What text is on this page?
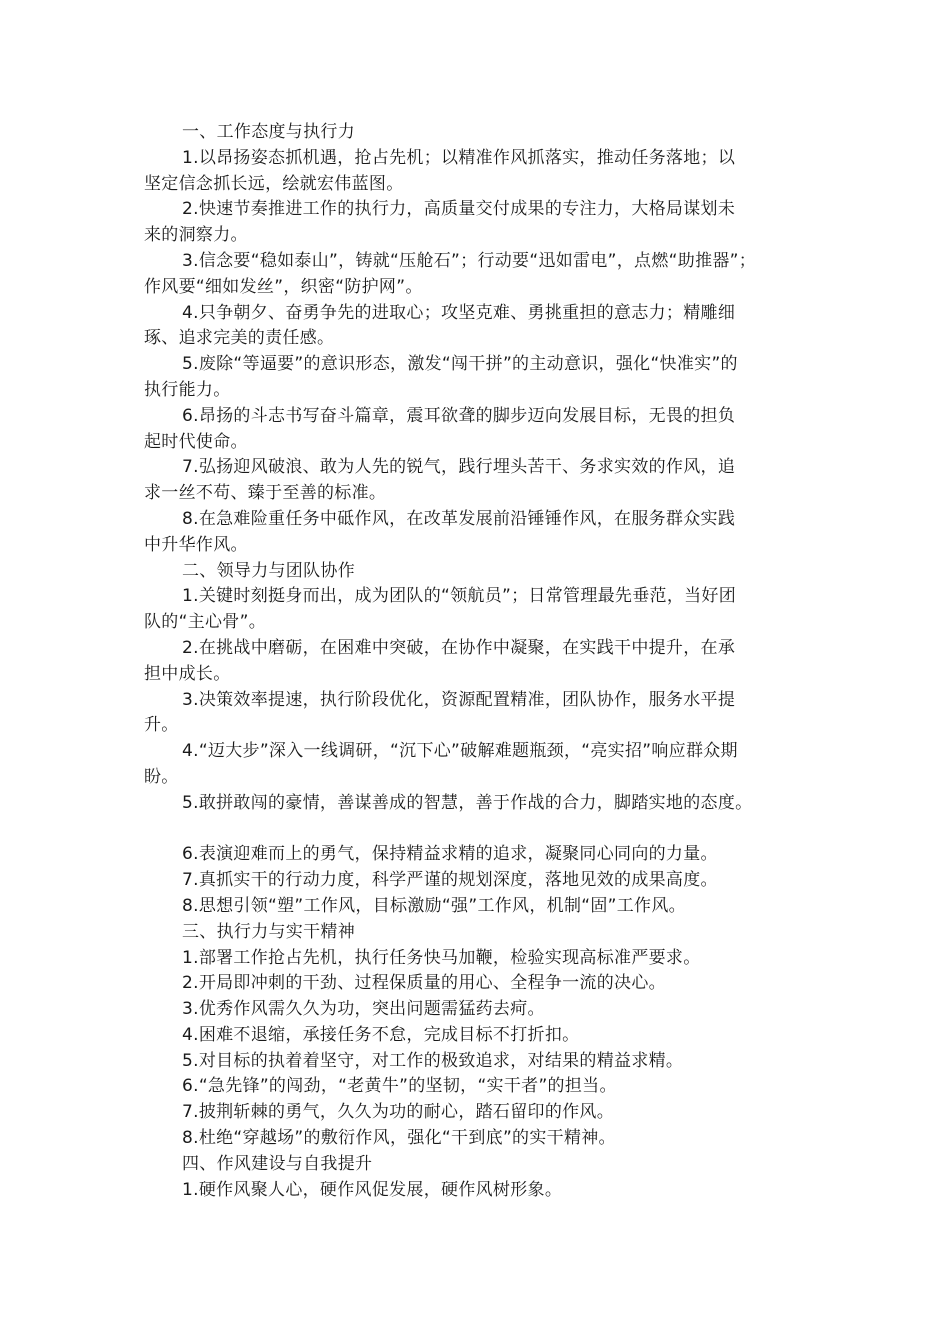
一、工作态度与执行力
1.以昂扬姿态抓机遇，抢占先机；以精准作风抓落实，推动任务落地；以
坚定信念抓长远，绘就宏伟蓝图。
2.快速节奏推进工作的执行力，高质量交付成果的专注力，大格局谋划未
来的洞察力。
3.信念要“稳如泰山”，铸就“压舱石”；行动要“迅如雷电”，点燃“助推器”；
作风要“细如发丝”，织密“防护网”。
4.只争朝夕、奋勇争先的进取心；攻坚克难、勇挑重担的意志力；精雕细
琢、追求完美的责任感。
5.废除“等逼要”的意识形态，激发“闯干拼”的主动意识，强化“快准实”的
执行能力。
6.昂扬的斗志书写奋斗篇章，震耳欲聋的脚步迈向发展目标，无畏的担负
起时代使命。
7.弘扬迎风破浪、敢为人先的锐气，践行埋头苦干、务求实效的作风，追
求一丝不苟、臻于至善的标准。
8.在急难险重任务中砥作风，在改革发展前沿锤锤作风，在服务群众实践
中升华作风。
二、领导力与团队协作
1.关键时刻挺身而出，成为团队的“领航员”；日常管理最先垂范，当好团
队的“主心骨”。
2.在挑战中磨砺，在困难中突破，在协作中凝聚，在实践干中提升，在承
担中成长。
3.决策效率提速，执行阶段优化，资源配置精准，团队协作，服务水平提
升。
4.“迈大步”深入一线调研，“沉下心”破解难题瓶颈，“亮实招”响应群众期
盼。
5.敢拼敢闯的豪情，善谋善成的智慧，善于作战的合力，脚踏实地的态度。
6.表演迎难而上的勇气，保持精益求精的追求，凝聚同心同向的力量。
7.真抓实干的行动力度，科学严谨的规划深度，落地见效的成果高度。
8.思想引领“塑”工作风，目标激励“强”工作风，机制“固”工作风。
三、执行力与实干精神
1.部署工作抢占先机，执行任务快马加鞭，检验实现高标准严要求。
2.开局即冲刺的干劲、过程保质量的用心、全程争一流的决心。
3.优秀作风需久久为功，突出问题需猛药去疴。
4.困难不退缩，承接任务不怠，完成目标不打折扣。
5.对目标的执着着坚守，对工作的极致追求，对结果的精益求精。
6.“急先锋”的闯劲，“老黄牛”的坚韧，“实干者”的担当。
7.披荆斩棘的勇气，久久为功的耐心，踏石留印的作风。
8.杜绝“穿越场”的敷衍作风，强化“干到底”的实干精神。
四、作风建设与自我提升
1.硬作风聚人心，硬作风促发展，硬作风树形象。
